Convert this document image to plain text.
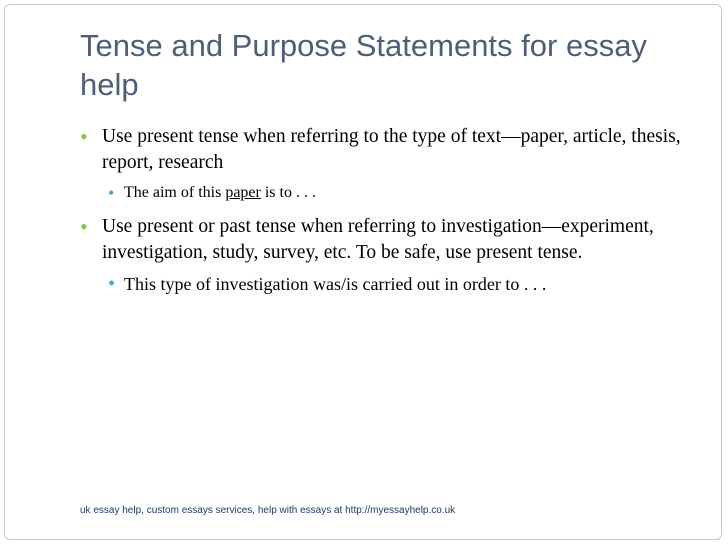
Tense and Purpose Statements for essay help
• Use present tense when referring to the type of text—paper, article, thesis, report, research
• The aim of this paper is to . . .
• Use present or past tense when referring to investigation—experiment, investigation, study, survey, etc. To be safe, use present tense.
• This type of investigation was/is carried out in order to . . .
uk essay help, custom essays services, help with essays at http://myessayhelp.co.uk
